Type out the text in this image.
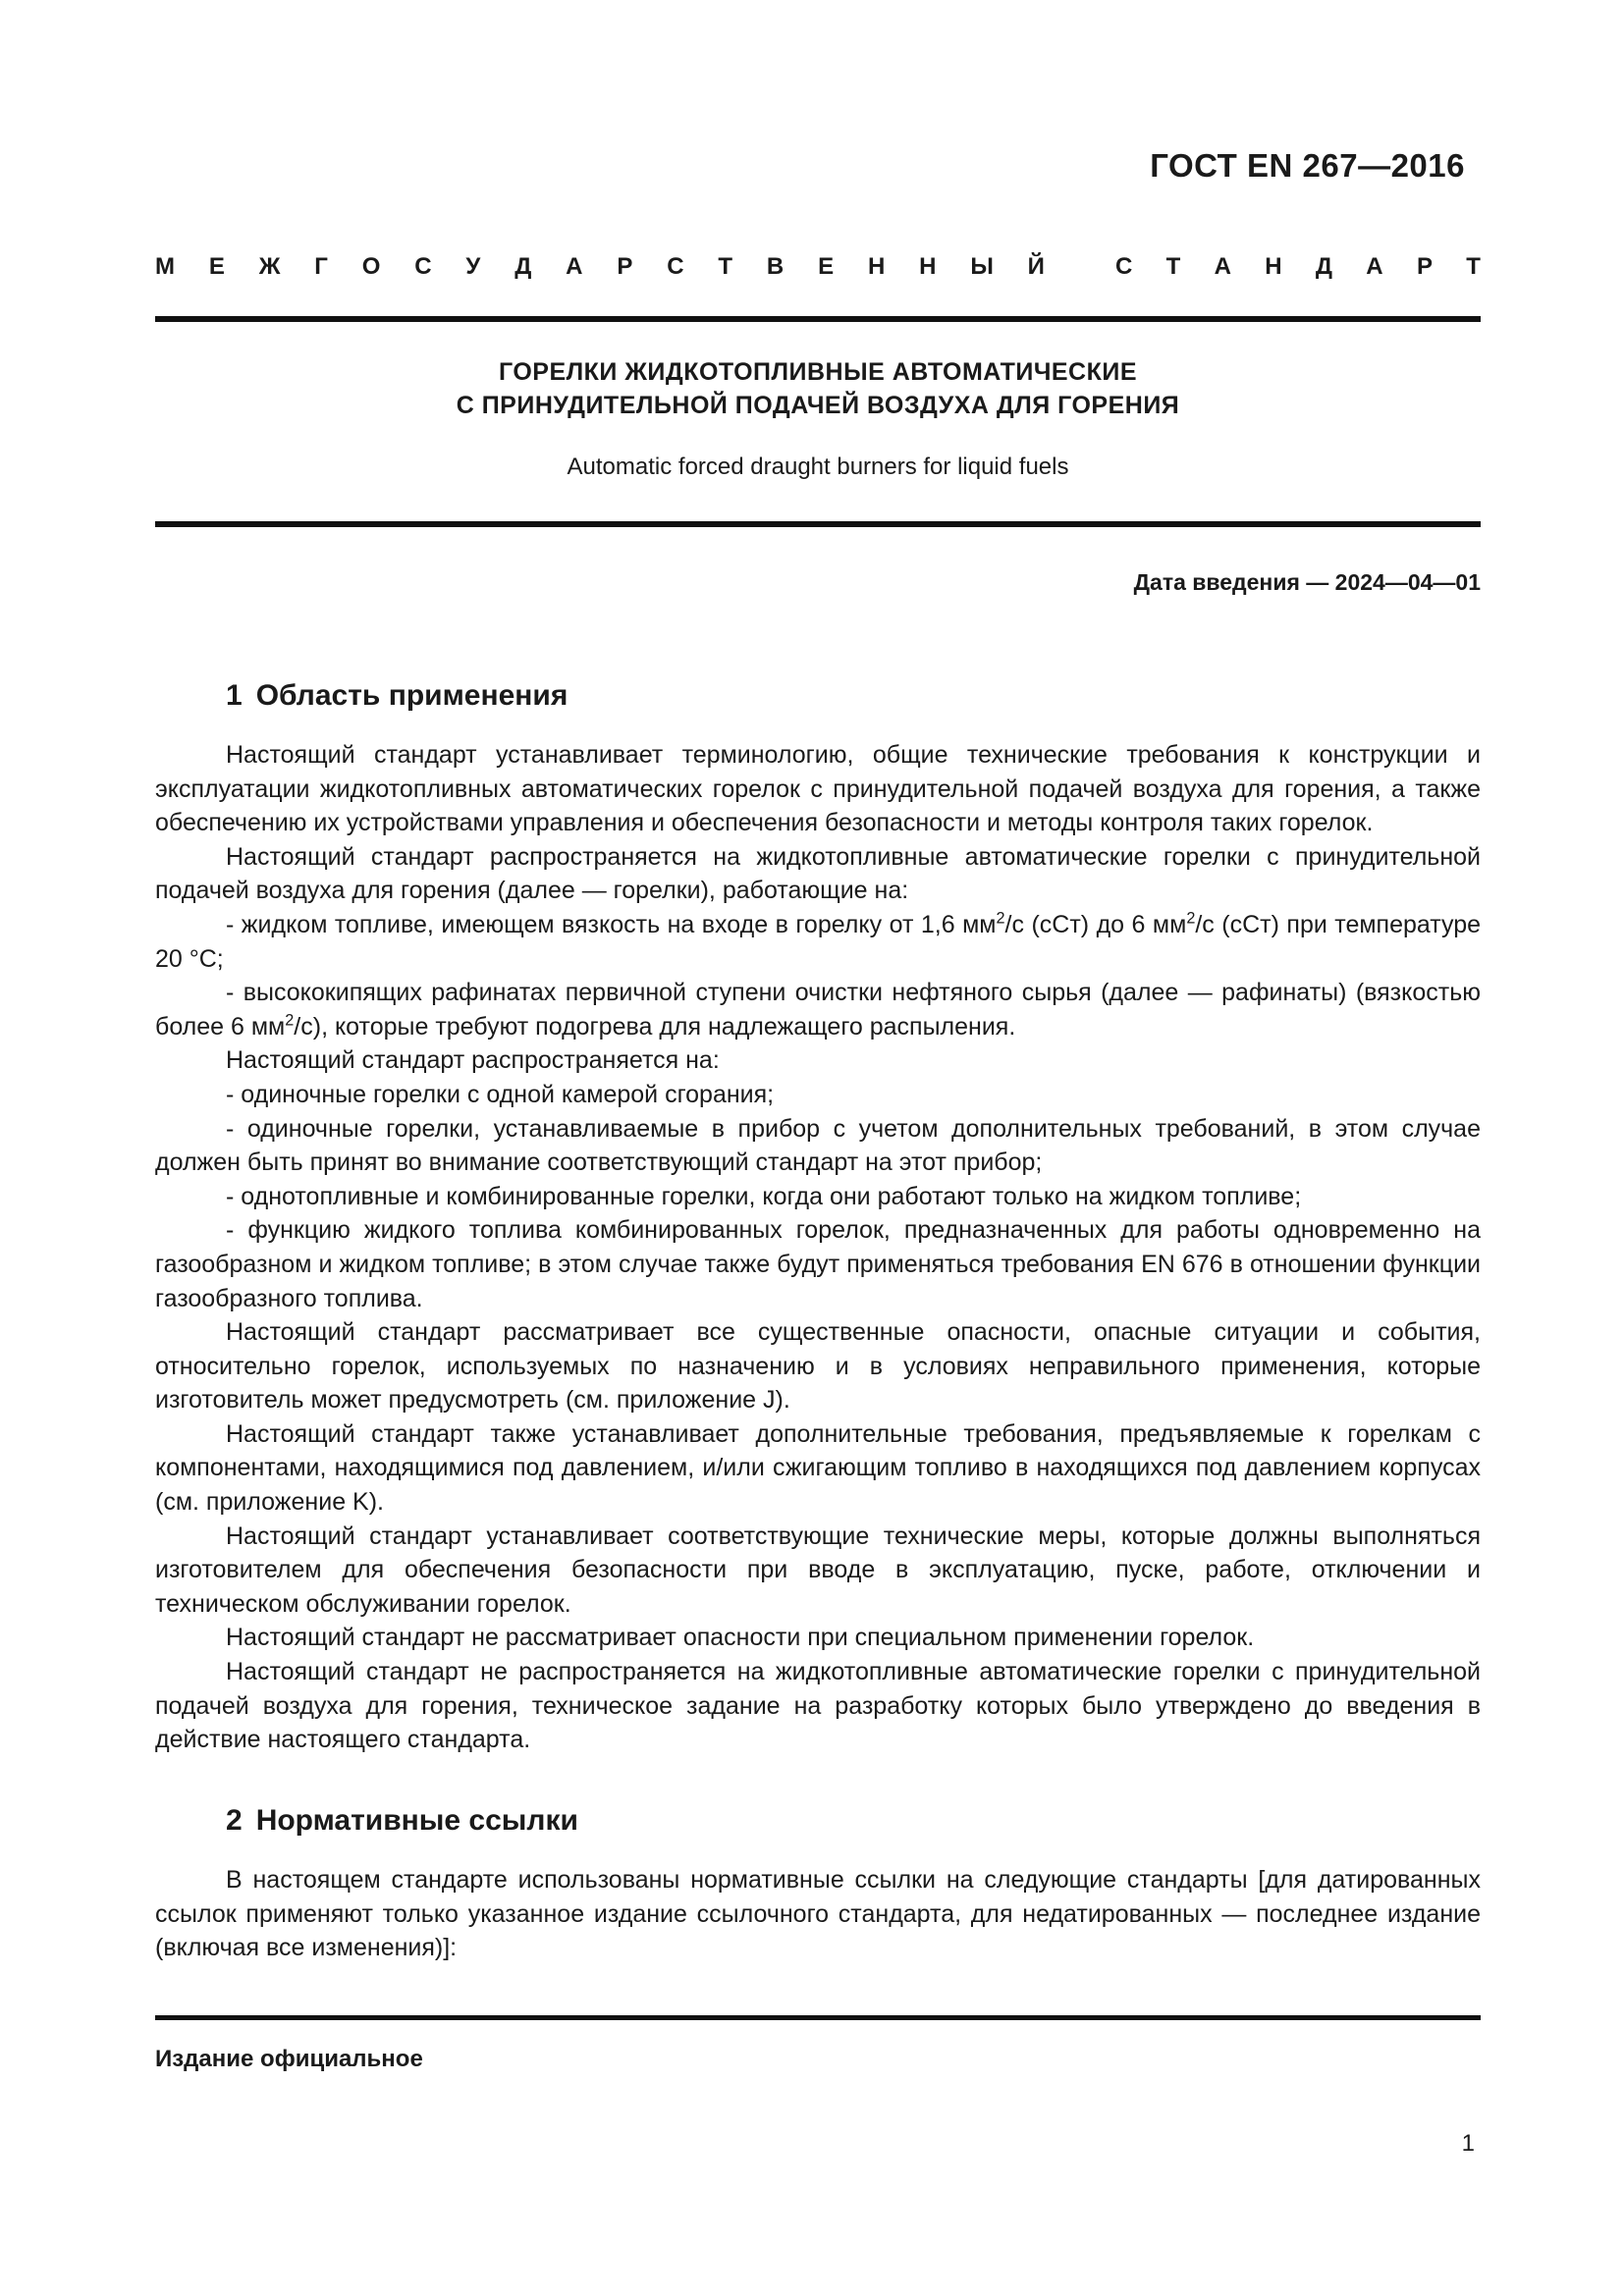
ГОСТ EN 267—2016
М Е Ж Г О С У Д А Р С Т В Е Н Н Ы Й	С Т А Н Д А Р Т
ГОРЕЛКИ ЖИДКОТОПЛИВНЫЕ АВТОМАТИЧЕСКИЕ
С ПРИНУДИТЕЛЬНОЙ ПОДАЧЕЙ ВОЗДУХА ДЛЯ ГОРЕНИЯ
Automatic forced draught burners for liquid fuels
Дата введения — 2024—04—01
1 Область применения

Настоящий стандарт устанавливает терминологию, общие технические требования к конструкции и эксплуатации жидкотопливных автоматических горелок с принудительной подачей воздуха для горения, а также обеспечению их устройствами управления и обеспечения безопасности и методы контроля таких горелок.

Настоящий стандарт распространяется на жидкотопливные автоматические горелки с принудительной подачей воздуха для горения (далее — горелки), работающие на:

- жидком топливе, имеющем вязкость на входе в горелку от 1,6 $мм^2/с$ (сСт) до 6 $мм^2/с$ (сСт) при температуре 20 °С;

- высококипящих рафинатах первичной ступени очистки нефтяного сырья (далее — рафинаты) (вязкостью более 6 $мм^2/с$), которые требуют подогрева для надлежащего распыления.

Настоящий стандарт распространяется на:

- одиночные горелки с одной камерой сгорания;

- одиночные горелки, устанавливаемые в прибор с учетом дополнительных требований, в этом случае должен быть принят во внимание соответствующий стандарт на этот прибор;

- однотопливные и комбинированные горелки, когда они работают только на жидком топливе;

- функцию жидкого топлива комбинированных горелок, предназначенных для работы одновременно на газообразном и жидком топливе; в этом случае также будут применяться требования EN 676 в отношении функции газообразного топлива.

Настоящий стандарт рассматривает все существенные опасности, опасные ситуации и события, относительно горелок, используемых по назначению и в условиях неправильного применения, которые изготовитель может предусмотреть (см. приложение J).

Настоящий стандарт также устанавливает дополнительные требования, предъявляемые к горелкам с компонентами, находящимися под давлением, и/или сжигающим топливо в находящихся под давлением корпусах (см. приложение K).

Настоящий стандарт устанавливает соответствующие технические меры, которые должны выполняться изготовителем для обеспечения безопасности при вводе в эксплуатацию, пуске, работе, отключении и техническом обслуживании горелок.

Настоящий стандарт не рассматривает опасности при специальном применении горелок.

Настоящий стандарт не распространяется на жидкотопливные автоматические горелки с принудительной подачей воздуха для горения, техническое задание на разработку которых было утверждено до введения в действие настоящего стандарта.

2 Нормативные ссылки

В настоящем стандарте использованы нормативные ссылки на следующие стандарты [для датированных ссылок применяют только указанное издание ссылочного стандарта, для недатированных — последнее издание (включая все изменения)]:

Издание официальное
1
